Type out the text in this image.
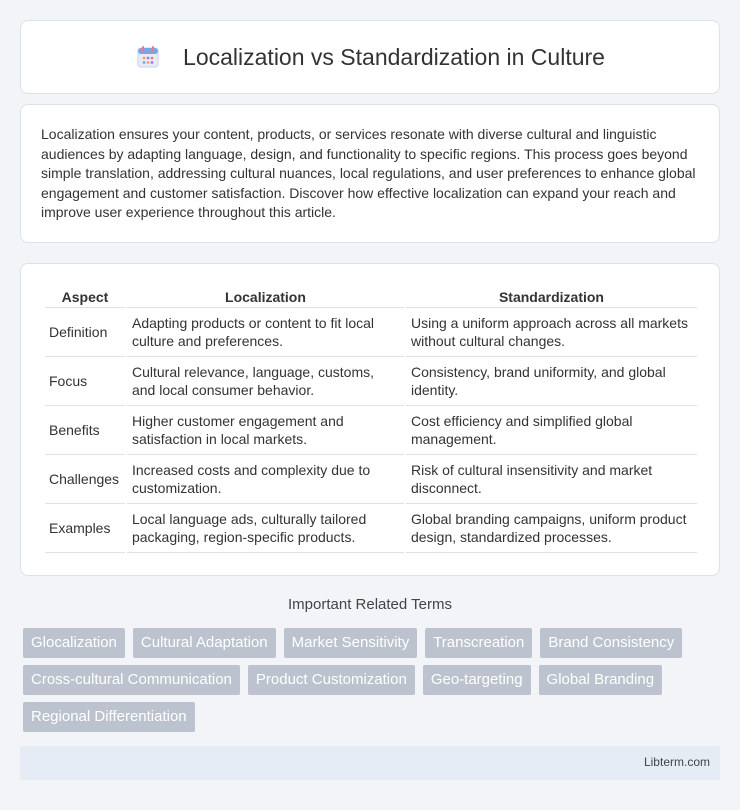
Localization vs Standardization in Culture

Localization ensures your content, products, or services resonate with diverse cultural and linguistic audiences by adapting language, design, and functionality to specific regions. This process goes beyond simple translation, addressing cultural nuances, local regulations, and user preferences to enhance global engagement and customer satisfaction. Discover how effective localization can expand your reach and improve user experience throughout this article.

Aspect	Localization	Standardization
Definition	Adapting products or content to fit local culture and preferences.	Using a uniform approach across all markets without cultural changes.
Focus	Cultural relevance, language, customs, and local consumer behavior.	Consistency, brand uniformity, and global identity.
Benefits	Higher customer engagement and satisfaction in local markets.	Cost efficiency and simplified global management.
Challenges	Increased costs and complexity due to customization.	Risk of cultural insensitivity and market disconnect.
Examples	Local language ads, culturally tailored packaging, region-specific products.	Global branding campaigns, uniform product design, standardized processes.
Important Related Terms
Glocalization	Cultural Adaptation	Market Sensitivity	Transcreation	Brand Consistency
Cross-cultural Communication	Product Customization	Geo-targeting	Global Branding
Regional Differentiation
Libterm.com
